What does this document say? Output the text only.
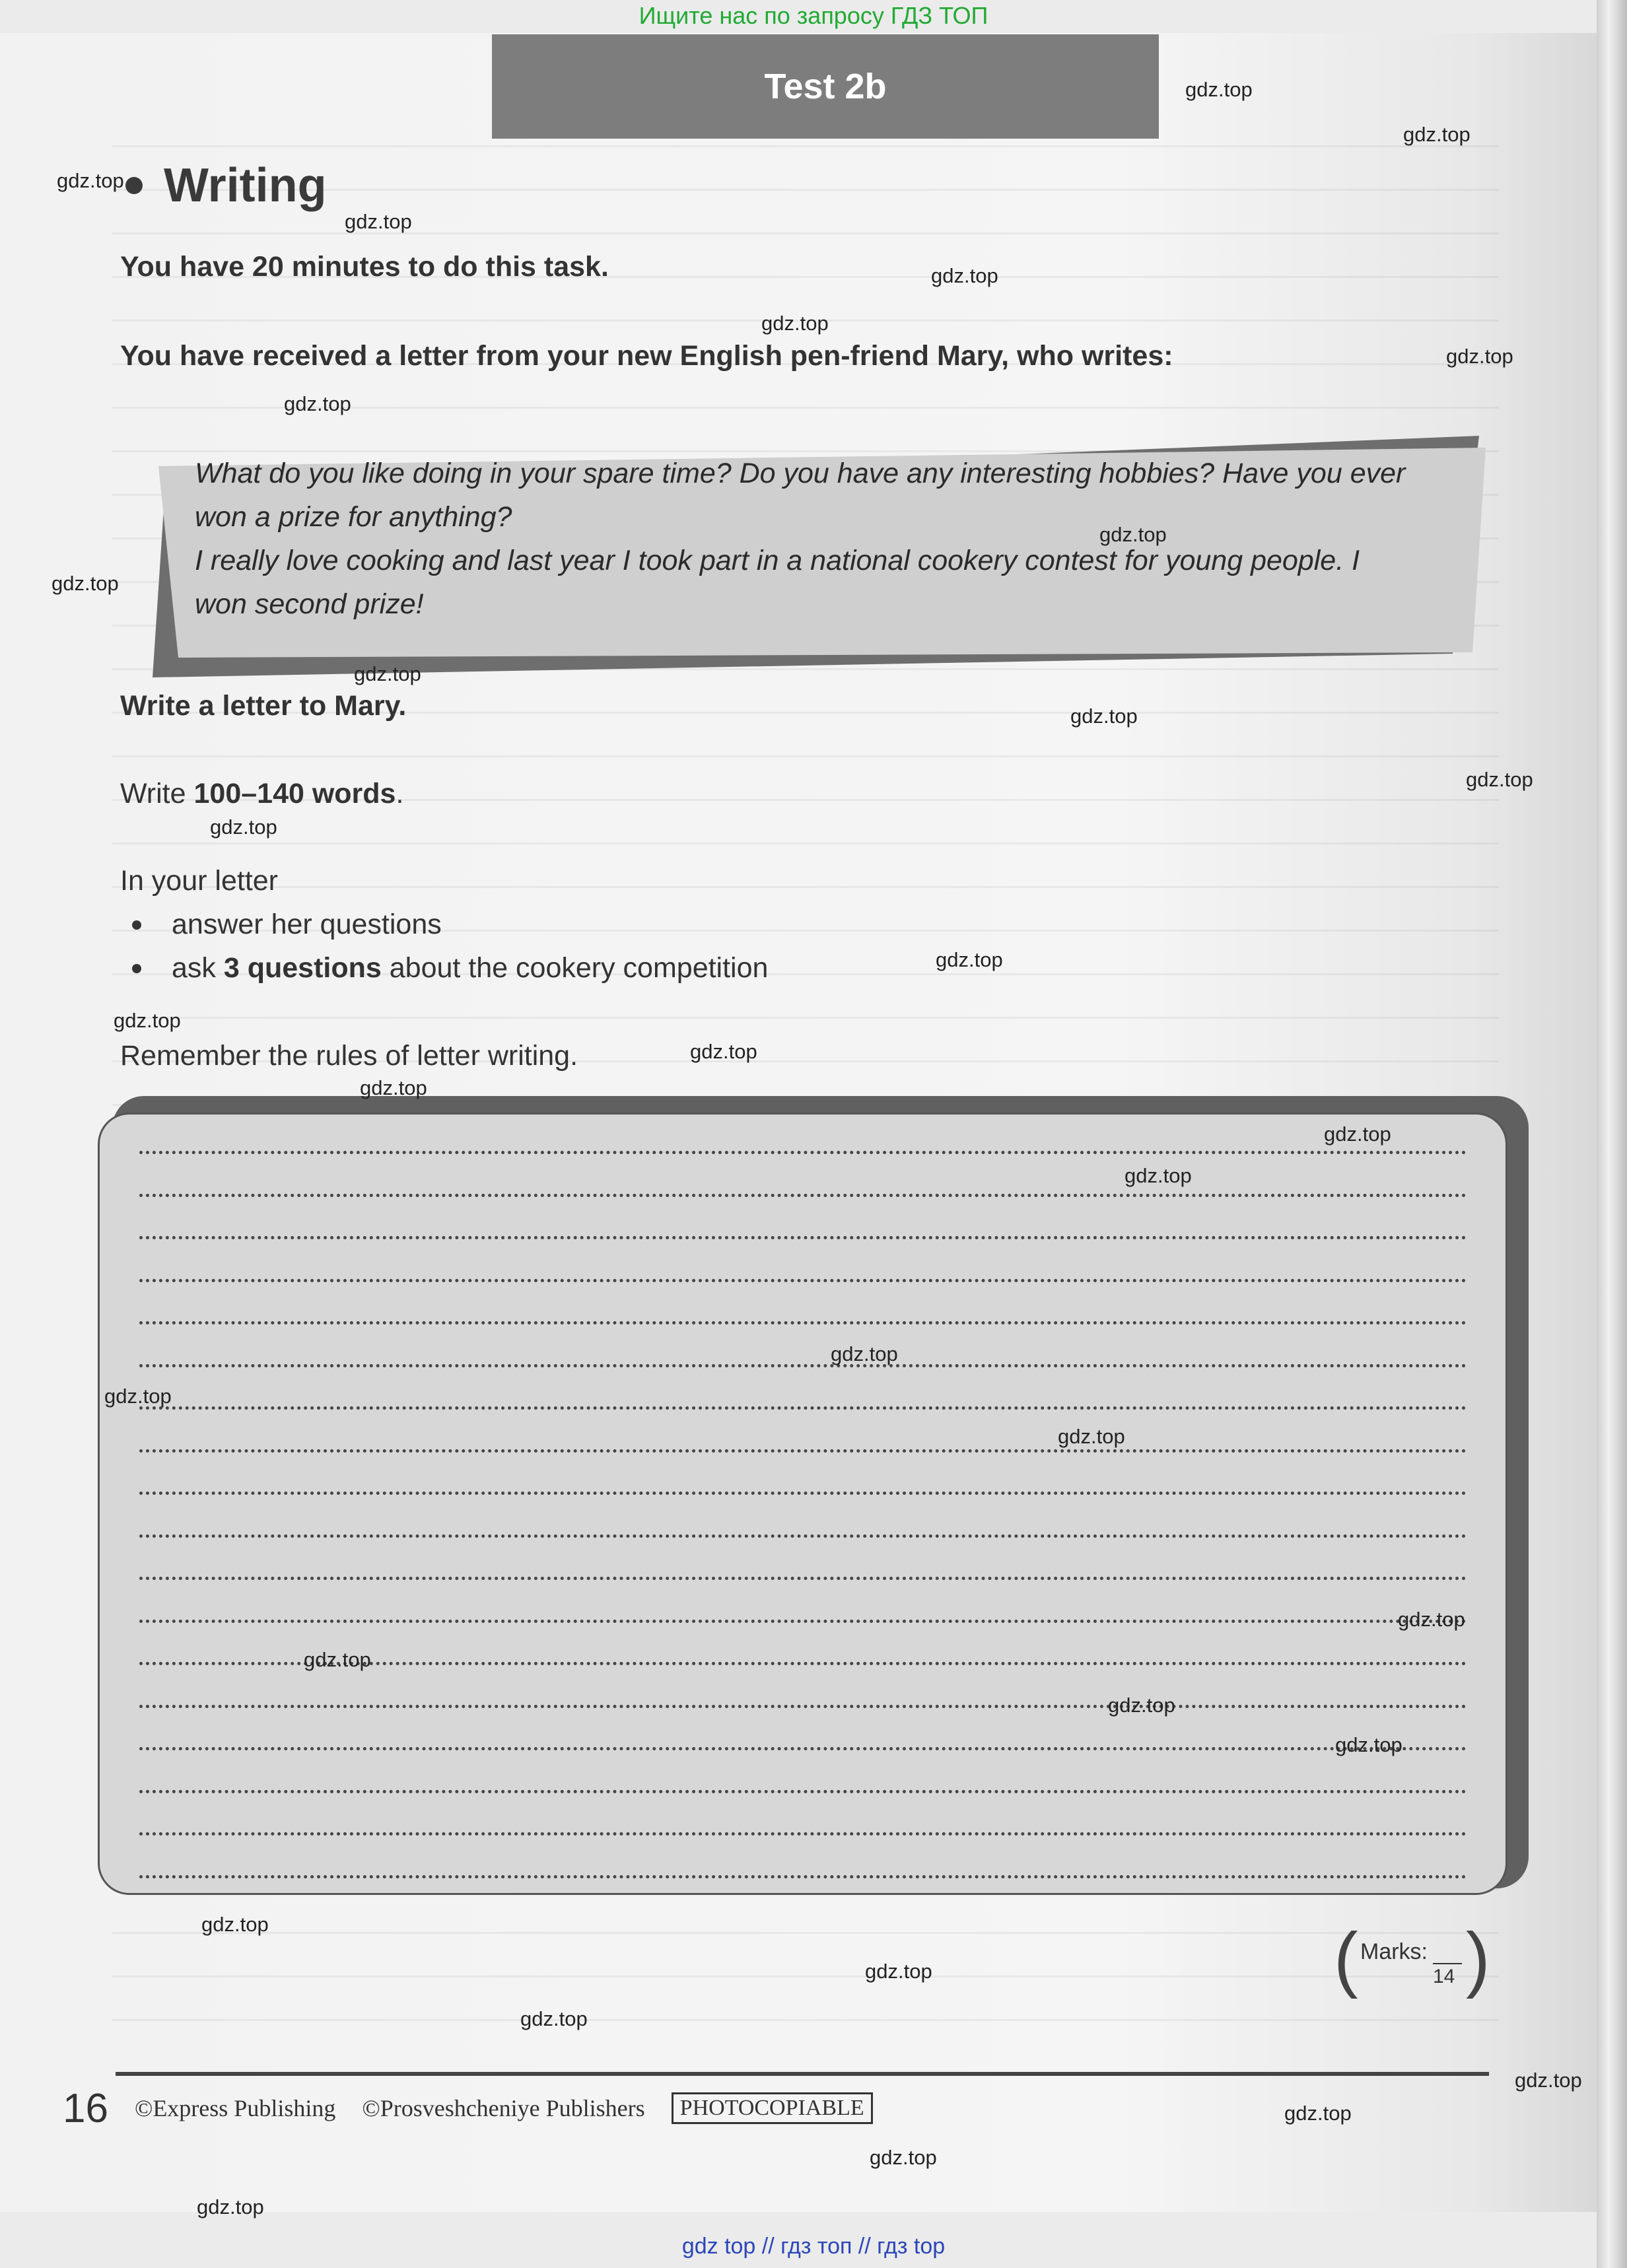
Ищите нас по запросу ГДЗ ТОП
Test 2b
Writing
You have 20 minutes to do this task.
You have received a letter from your new English pen-friend Mary, who writes:
What do you like doing in your spare time? Do you have any interesting hobbies? Have you ever
won a prize for anything?
I really love cooking and last year I took part in a national cookery contest for young people. I
won second prize!
Write a letter to Mary.
Write 100–140 words.
In your letter
answer her questions
ask 3 questions about the cookery competition
Remember the rules of letter writing.
( Marks:
14 )
16 ©Express Publishing ©Prosveshcheniye Publishers	PHOTOCOPIABLE
gdz top // гдз топ // гдз top
gdz.top
gdz.top
gdz.top
gdz.top
gdz.top
gdz.top
gdz.top
gdz.top
gdz.top
gdz.top
gdz.top
gdz.top
gdz.top
gdz.top
gdz.top
gdz.top
gdz.top
gdz.top
gdz.top
gdz.top
gdz.top
gdz.top
gdz.top
gdz.top
gdz.top
gdz.top
gdz.top
gdz.top
gdz.top
gdz.top
gdz.top
gdz.top
gdz.top
gdz.top
